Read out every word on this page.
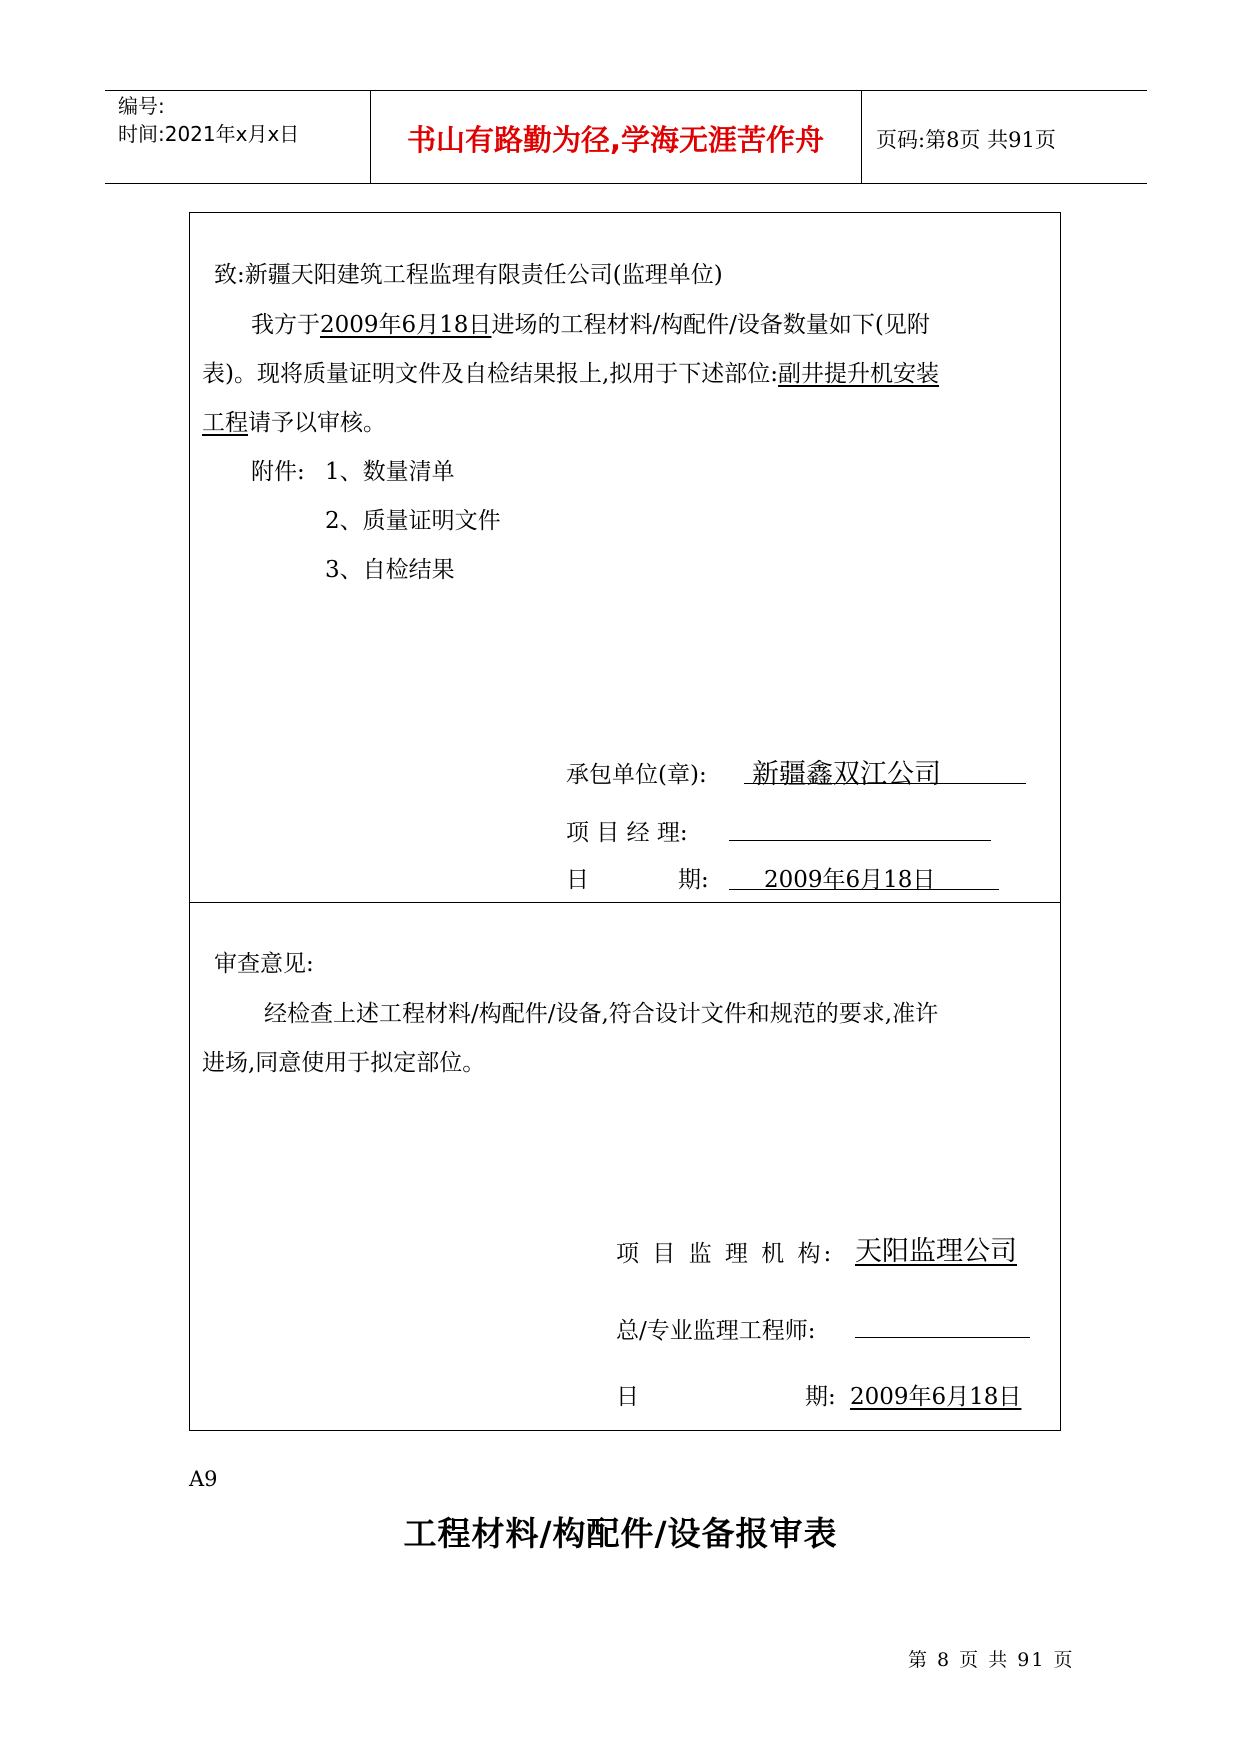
编号:
时间:2021年x月x日	书山有路勤为径,学海无涯苦作舟	页码:第8页 共91页
致:新疆天阳建筑工程监理有限责任公司(监理单位)
我方于2009年6月18日进场的工程材料/构配件/设备数量如下(见附
表)。现将质量证明文件及自检结果报上,拟用于下述部位:副井提升机安装
工程请予以审核。
附件: 1、数量清单
2、质量证明文件
3、自检结果
承包单位(章): 新疆鑫双江公司
项 目 经 理:
日	期: 2009年6月18日
审查意见:
经检查上述工程材料/构配件/设备,符合设计文件和规范的要求,准许
进场,同意使用于拟定部位。
项 目 监 理 机 构: 天阳监理公司
总/专业监理工程师:
日	期: 2009年6月18日
A9
工程材料/构配件/设备报审表
第 8 页 共 91 页
